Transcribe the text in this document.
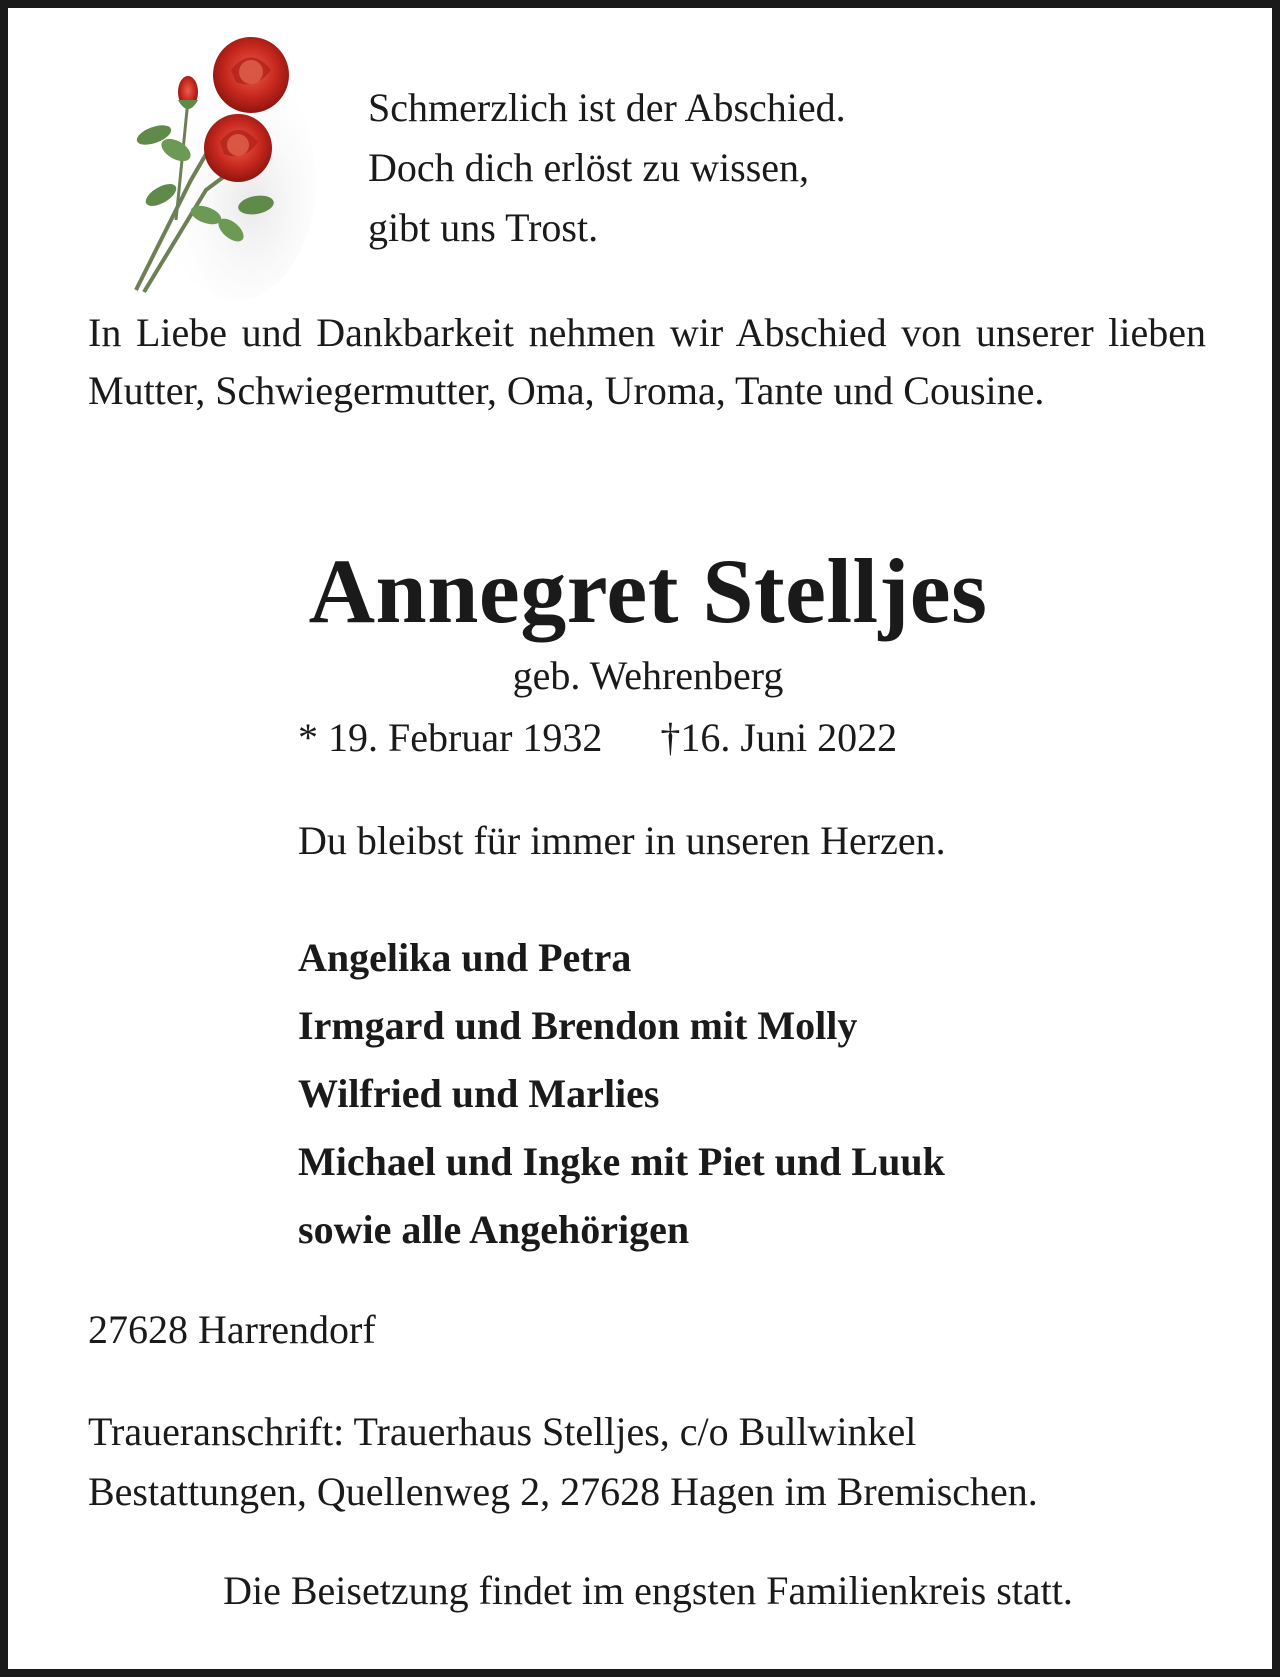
Schmerzlich ist der Abschied.
Doch dich erlöst zu wissen,
gibt uns Trost.
In Liebe und Dankbarkeit nehmen wir Abschied von unserer lieben Mutter, Schwiegermutter, Oma, Uroma, Tante und Cousine.
Annegret Stelljes
geb. Wehrenberg
* 19. Februar 1932 †16. Juni 2022
Du bleibst für immer in unseren Herzen.
Angelika und Petra
Irmgard und Brendon mit Molly
Wilfried und Marlies
Michael und Ingke mit Piet und Luuk
sowie alle Angehörigen
27628 Harrendorf
Traueranschrift: Trauerhaus Stelljes, c/o Bullwinkel
Bestattungen, Quellenweg 2, 27628 Hagen im Bremischen.
Die Beisetzung findet im engsten Familienkreis statt.
